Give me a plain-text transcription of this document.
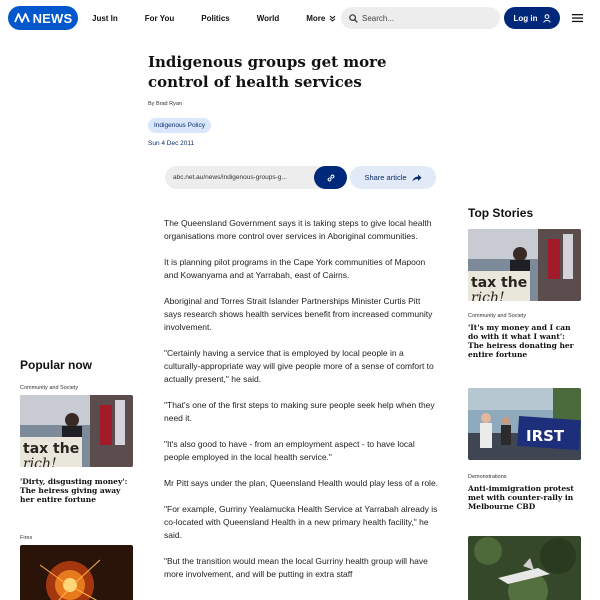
NEWS Just In	For You	Politics	World	More
Search...	Log in
Indigenous groups get more control of health services
By Brad Ryan
Indigenous Policy
Sun 4 Dec 2011
abc.net.au/news/indigenous-groups-g...	Share article

The Queensland Government says it is taking steps to give local health organisations more control over services in Aboriginal communities.

It is planning pilot programs in the Cape York communities of Mapoon and Kowanyama and at Yarrabah, east of Cairns.

Aboriginal and Torres Strait Islander Partnerships Minister Curtis Pitt says research shows health services benefit from increased community involvement.

"Certainly having a service that is employed by local people in a culturally-appropriate way will give people more of a sense of comfort to actually present," he said.

"That's one of the first steps to making sure people seek help when they need it.

"It's also good to have - from an employment aspect - to have local people employed in the local health service."

Mr Pitt says under the plan, Queensland Health would play less of a role.

"For example, Gurriny Yealamucka Health Service at Yarrabah already is co-located with Queensland Health in a new primary health facility," he said.

"But the transition would mean the local Gurriny health group will have more involvement, and will be putting in extra staff

Popular now
Community and Society
tax the
rich!
'Dirty, disgusting money': The heiress giving away her entire fortune
Fires
Top Stories
tax the
rich!
Community and Society
'It's my money and I can do with it what I want': The heiress donating her entire fortune
IRST
Demonstrations
Anti-immigration protest met with counter-rally in Melbourne CBD
